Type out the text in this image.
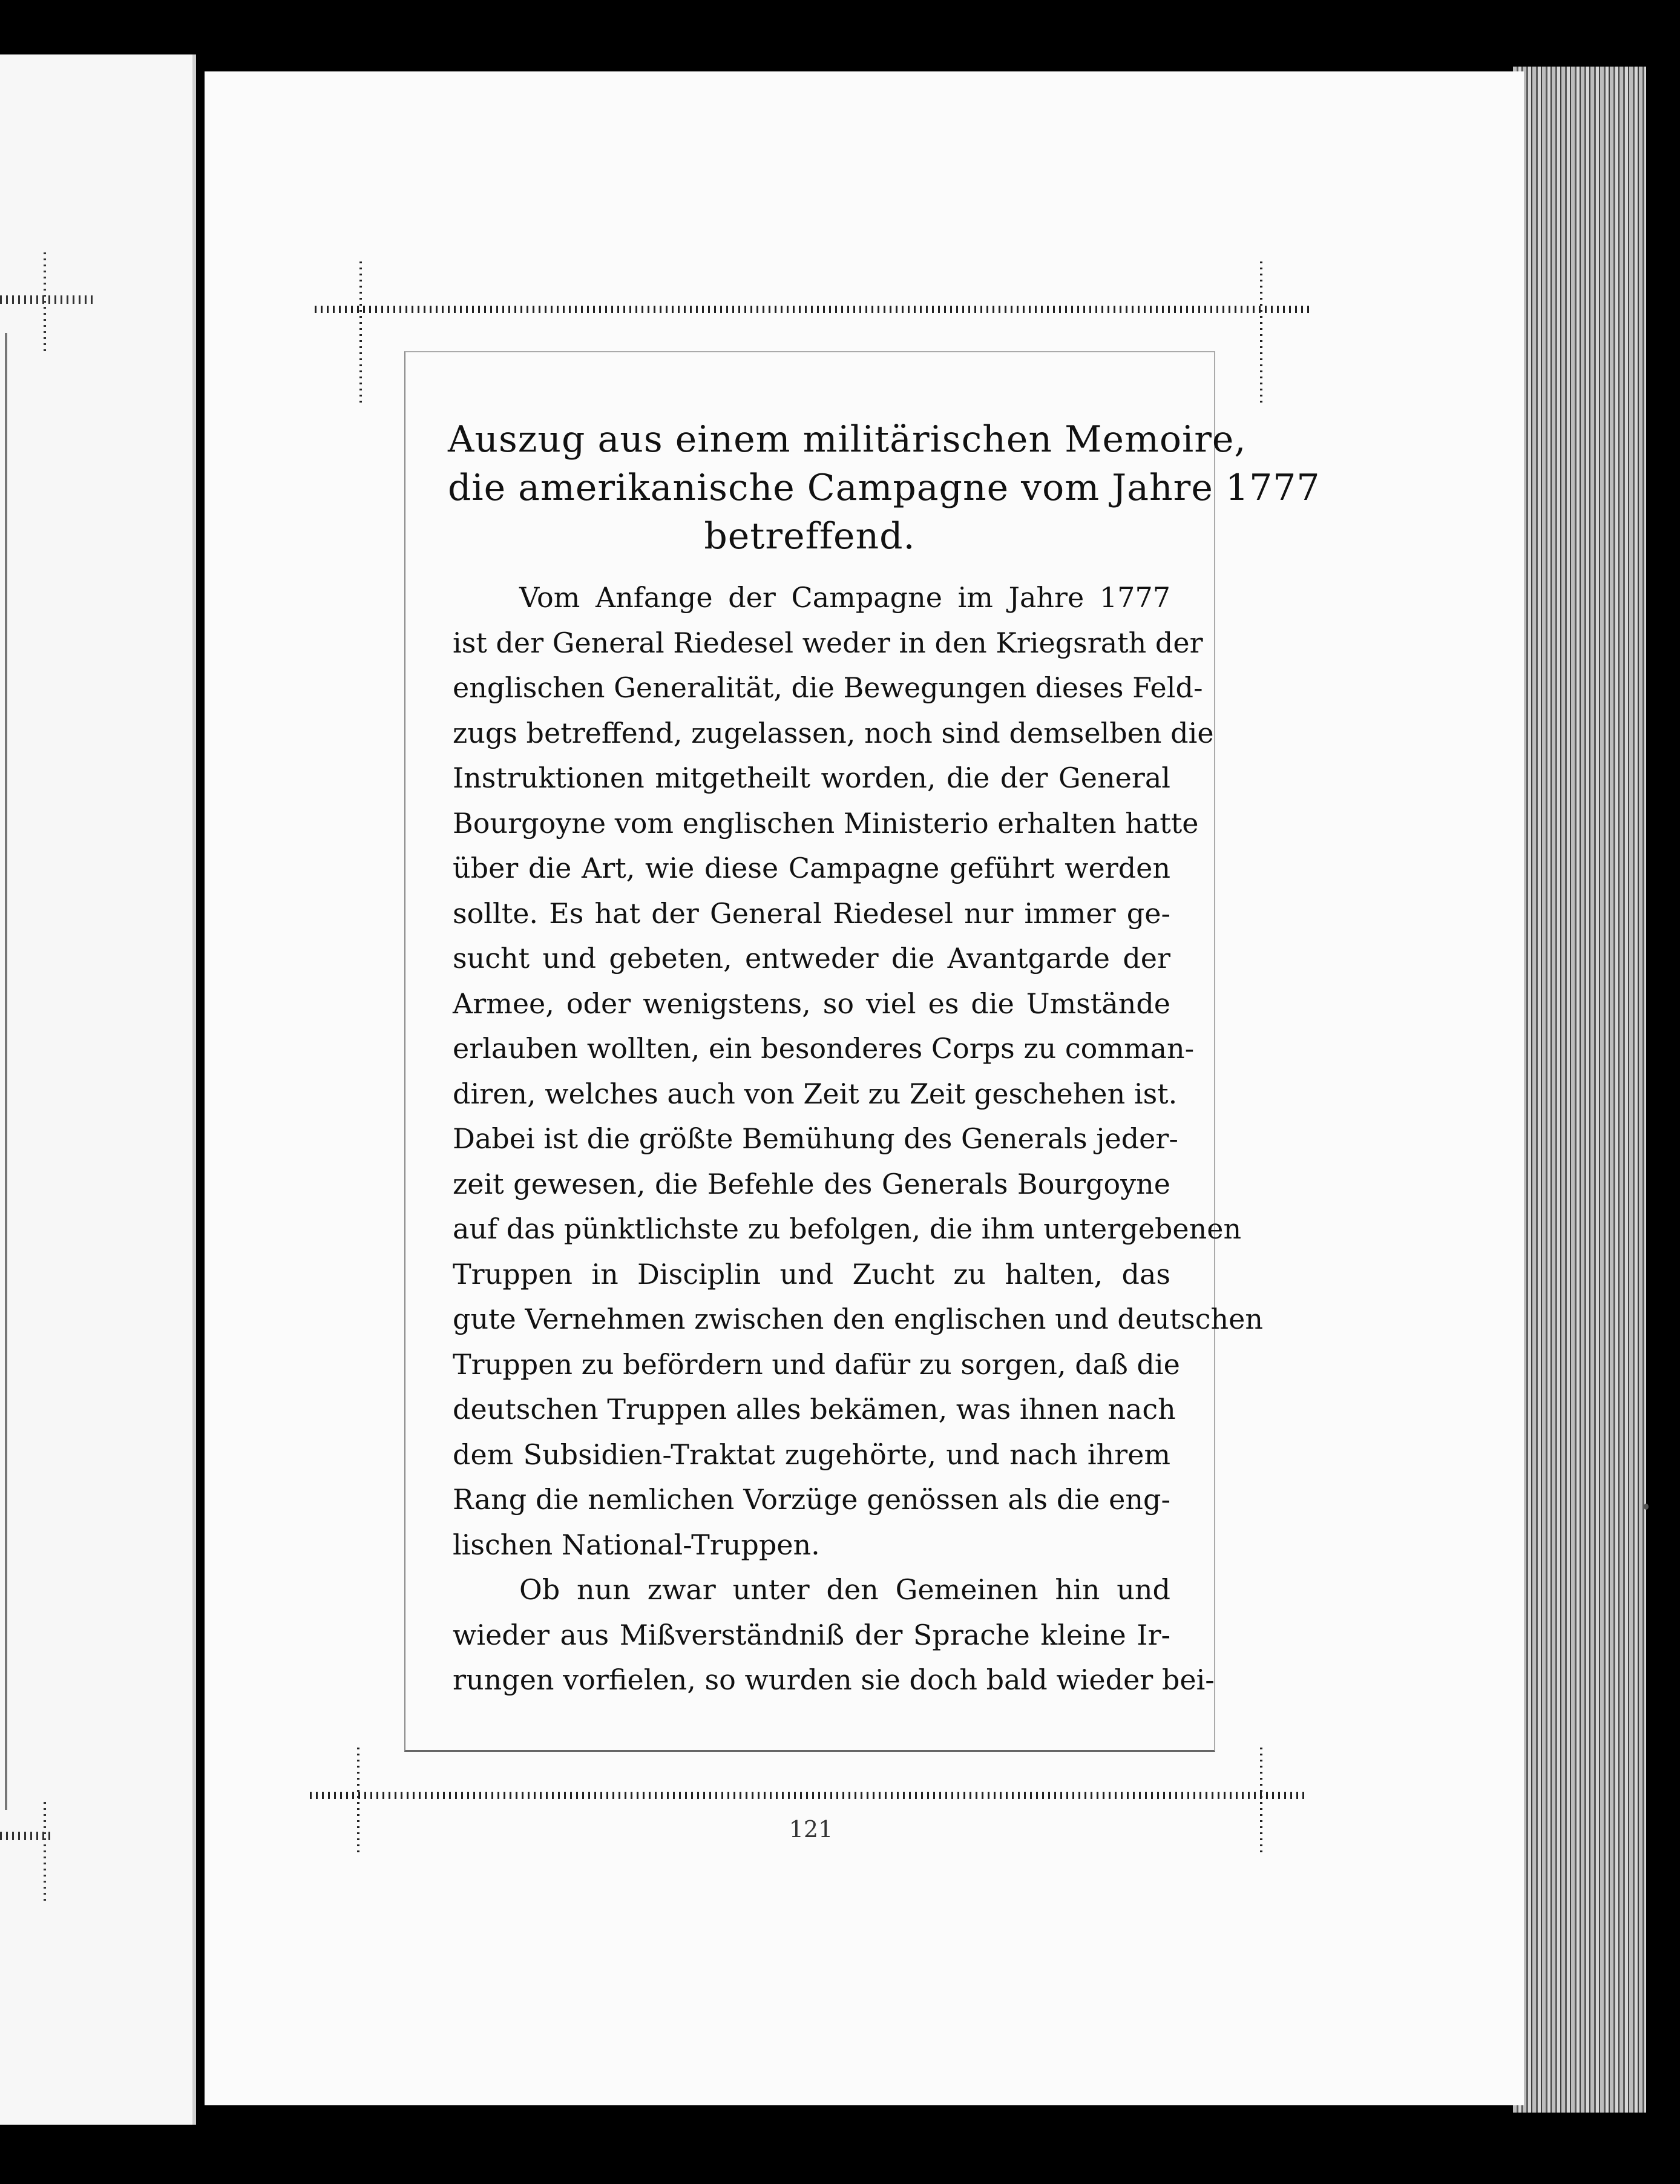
Auszug aus einem militärischen Memoire,
die amerikanische Campagne vom Jahre 1777
betreffend.
Vom Anfange der Campagne im Jahre 1777
ist der General Riedesel weder in den Kriegsrath der
englischen Generalität, die Bewegungen dieses Feld-
zugs betreffend, zugelassen, noch sind demselben die
Instruktionen mitgetheilt worden, die der General
Bourgoyne vom englischen Ministerio erhalten hatte
über die Art, wie diese Campagne geführt werden
sollte. Es hat der General Riedesel nur immer ge-
sucht und gebeten, entweder die Avantgarde der
Armee, oder wenigstens, so viel es die Umstände
erlauben wollten, ein besonderes Corps zu comman-
diren, welches auch von Zeit zu Zeit geschehen ist.
Dabei ist die größte Bemühung des Generals jeder-
zeit gewesen, die Befehle des Generals Bourgoyne
auf das pünktlichste zu befolgen, die ihm untergebenen
Truppen in Disciplin und Zucht zu halten, das
gute Vernehmen zwischen den englischen und deutschen
Truppen zu befördern und dafür zu sorgen, daß die
deutschen Truppen alles bekämen, was ihnen nach
dem Subsidien-Traktat zugehörte, und nach ihrem
Rang die nemlichen Vorzüge genössen als die eng-
lischen National-Truppen.
Ob nun zwar unter den Gemeinen hin und
wieder aus Mißverständniß der Sprache kleine Ir-
rungen vorfielen, so wurden sie doch bald wieder bei-
121
